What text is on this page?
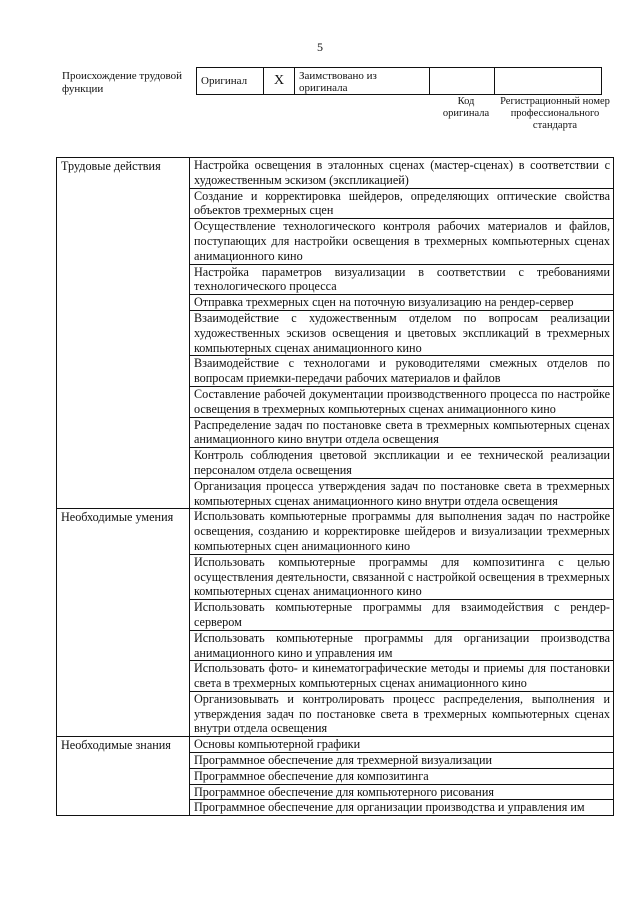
5
Происхождение трудовой функции
Оригинал	X	Заимствовано из оригинала		
Код оригинала
Регистрационный номер профессионального стандарта
Трудовые действия	Настройка освещения в эталонных сценах (мастер-сценах) в соответствии с художественным эскизом (экспликацией)
	Создание и корректировка шейдеров, определяющих оптические свойства объектов трехмерных сцен
	Осуществление технологического контроля рабочих материалов и файлов, поступающих для настройки освещения в трехмерных компьютерных сценах анимационного кино
	Настройка параметров визуализации в соответствии с требованиями технологического процесса
	Отправка трехмерных сцен на поточную визуализацию на рендер-сервер
	Взаимодействие с художественным отделом по вопросам реализации художественных эскизов освещения и цветовых экспликаций в трехмерных компьютерных сценах анимационного кино
	Взаимодействие с технологами и руководителями смежных отделов по вопросам приемки-передачи рабочих материалов и файлов
	Составление рабочей документации производственного процесса по настройке освещения в трехмерных компьютерных сценах анимационного кино
	Распределение задач по постановке света в трехмерных компьютерных сценах анимационного кино внутри отдела освещения
	Контроль соблюдения цветовой экспликации и ее технической реализации персоналом отдела освещения
	Организация процесса утверждения задач по постановке света в трехмерных компьютерных сценах анимационного кино внутри отдела освещения

Необходимые умения	Использовать компьютерные программы для выполнения задач по настройке освещения, созданию и корректировке шейдеров и визуализации трехмерных компьютерных сцен анимационного кино
	Использовать компьютерные программы для композитинга с целью осуществления деятельности, связанной с настройкой освещения в трехмерных компьютерных сценах анимационного кино
	Использовать компьютерные программы для взаимодействия с рендер-сервером
	Использовать компьютерные программы для организации производства анимационного кино и управления им
	Использовать фото- и кинематографические методы и приемы для постановки света в трехмерных компьютерных сценах анимационного кино
	Организовывать и контролировать процесс распределения, выполнения и утверждения задач по постановке света в трехмерных компьютерных сценах внутри отдела освещения

Необходимые знания	Основы компьютерной графики
	Программное обеспечение для трехмерной визуализации
	Программное обеспечение для композитинга
	Программное обеспечение для компьютерного рисования
	Программное обеспечение для организации производства и управления им
